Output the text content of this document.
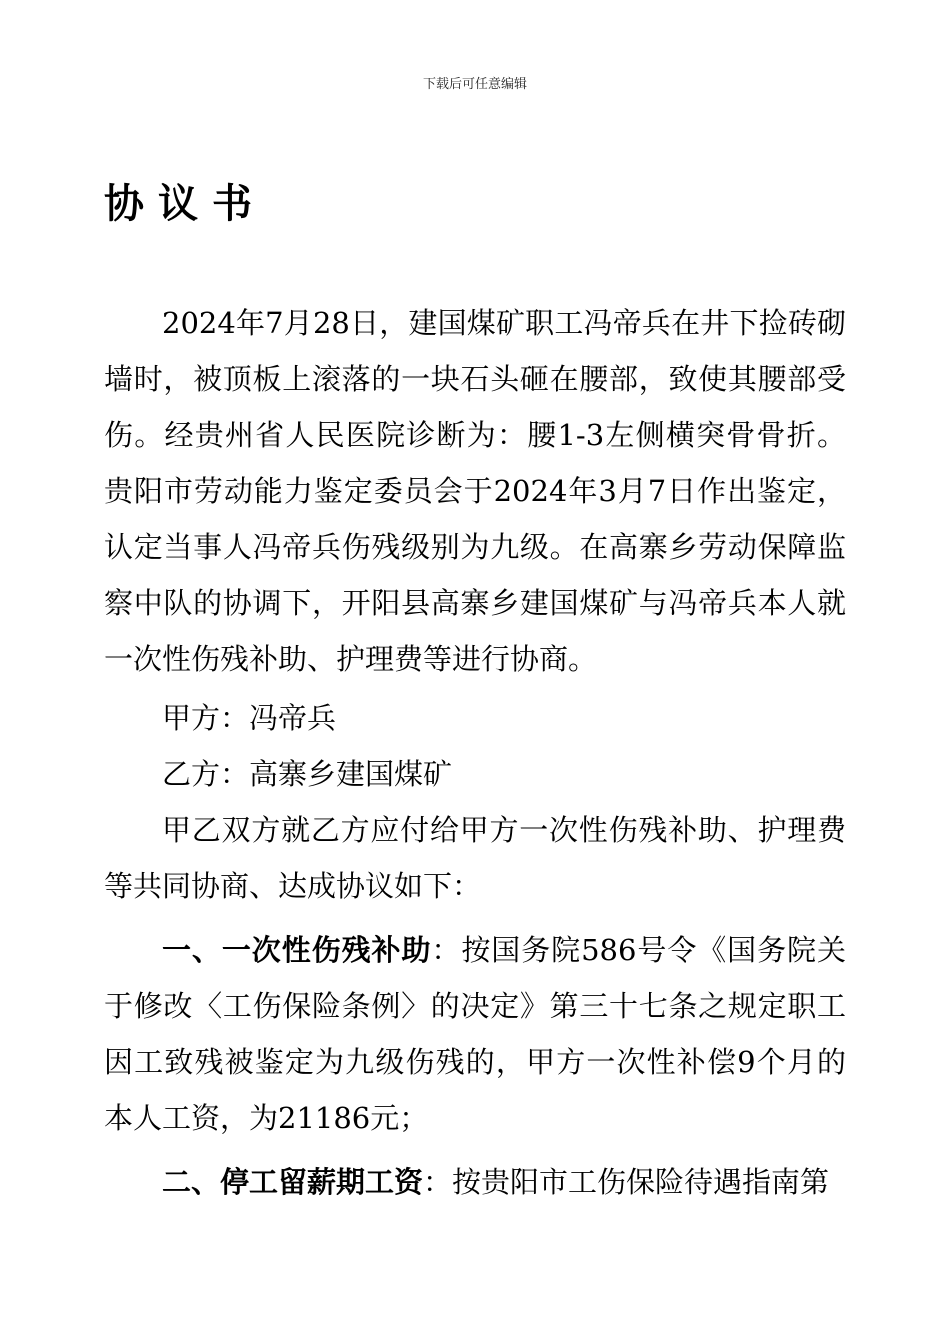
下载后可任意编辑
协议书

2024年7月28日，建国煤矿职工冯帝兵在井下捡砖砌墙时，被顶板上滚落的一块石头砸在腰部，致使其腰部受伤。经贵州省人民医院诊断为：腰1-3左侧横突骨骨折。贵阳市劳动能力鉴定委员会于2024年3月7日作出鉴定，认定当事人冯帝兵伤残级别为九级。在高寨乡劳动保障监察中队的协调下，开阳县高寨乡建国煤矿与冯帝兵本人就一次性伤残补助、护理费等进行协商。

甲方：冯帝兵

乙方：高寨乡建国煤矿

甲乙双方就乙方应付给甲方一次性伤残补助、护理费等共同协商、达成协议如下：

一、一次性伤残补助：按国务院586号令《国务院关于修改〈工伤保险条例〉的决定》第三十七条之规定职工因工致残被鉴定为九级伤残的，甲方一次性补偿9个月的本人工资，为21186元；

二、停工留薪期工资：按贵阳市工伤保险待遇指南第
